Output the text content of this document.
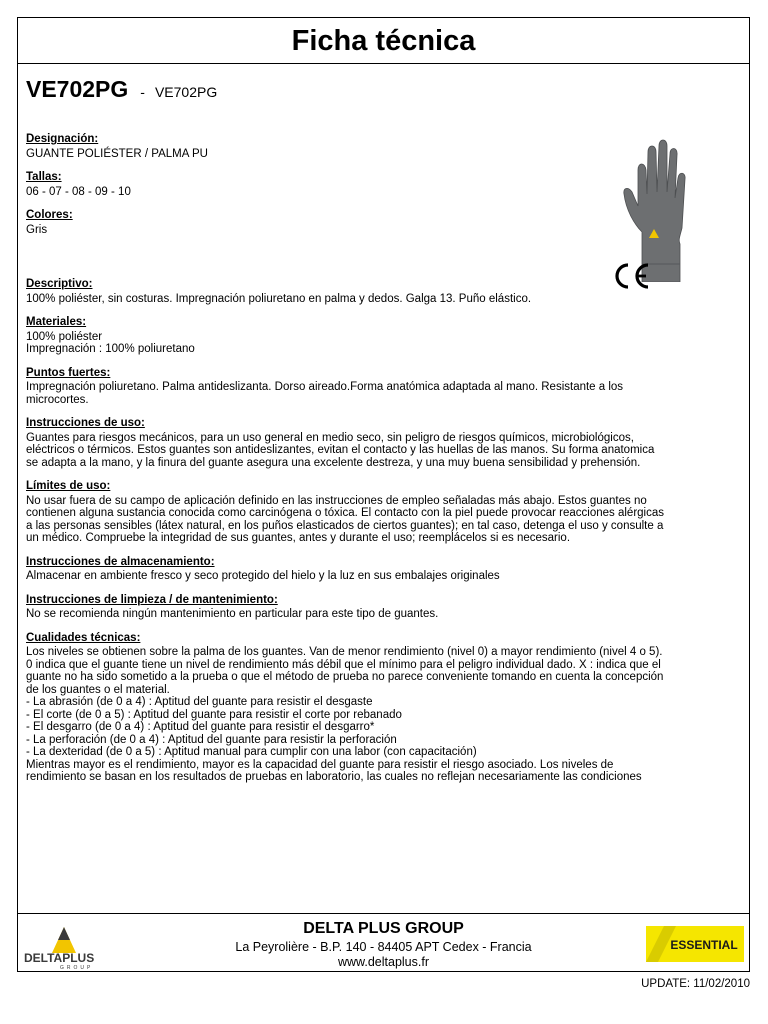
Ficha técnica
VE702PG - VE702PG
Designación:

GUANTE POLIÉSTER / PALMA PU

Tallas:

06 - 07 - 08 - 09 - 10

Colores:

Gris

Descriptivo:

100% poliéster, sin costuras. Impregnación poliuretano en palma y dedos. Galga 13. Puño elástico.

Materiales:

100% poliéster
Impregnación : 100% poliuretano

Puntos fuertes:

Impregnación poliuretano. Palma antideslizanta. Dorso aireado.Forma anatómica adaptada al mano. Resistante a los
microcortes.

Instrucciones de uso:

Guantes para riesgos mecánicos, para un uso general en medio seco, sin peligro de riesgos químicos, microbiológicos,
eléctricos o térmicos. Estos guantes son antideslizantes, evitan el contacto y las huellas de las manos. Su forma anatomica
se adapta a la mano, y la finura del guante asegura una excelente destreza, y una muy buena sensibilidad y prehensión.

Límites de uso:

No usar fuera de su campo de aplicación definido en las instrucciones de empleo señaladas más abajo. Estos guantes no
contienen alguna sustancia conocida como carcinógena o tóxica. El contacto con la piel puede provocar reacciones alérgicas
a las personas sensibles (látex natural, en los puños elasticados de ciertos guantes); en tal caso, detenga el uso y consulte a
un médico. Compruebe la integridad de sus guantes, antes y durante el uso; reemplácelos si es necesario.

Instrucciones de almacenamiento:

Almacenar en ambiente fresco y seco protegido del hielo y la luz en sus embalajes originales

Instrucciones de limpieza / de mantenimiento:

No se recomienda ningún mantenimiento en particular para este tipo de guantes.

Cualidades técnicas:

Los niveles se obtienen sobre la palma de los guantes. Van de menor rendimiento (nivel 0) a mayor rendimiento (nivel 4 o 5).
0 indica que el guante tiene un nivel de rendimiento más débil que el mínimo para el peligro individual dado. X : indica que el
guante no ha sido sometido a la prueba o que el método de prueba no parece conveniente tomando en cuenta la concepción
de los guantes o el material.
- La abrasión (de 0 a 4) : Aptitud del guante para resistir el desgaste
- El corte (de 0 a 5) : Aptitud del guante para resistir el corte por rebanado
- El desgarro (de 0 a 4) : Aptitud del guante para resistir el desgarro*
- La perforación (de 0 a 4) : Aptitud del guante para resistir la perforación
- La dexteridad (de 0 a 5) : Aptitud manual para cumplir con una labor (con capacitación)
Mientras mayor es el rendimiento, mayor es la capacidad del guante para resistir el riesgo asociado. Los niveles de
rendimiento se basan en los resultados de pruebas en laboratorio, las cuales no reflejan necesariamente las condiciones

DELTAPLUS
GROUP
DELTA PLUS GROUP
La Peyrolière - B.P. 140 - 84405 APT Cedex - Francia
www.deltaplus.fr
ESSENTIAL
UPDATE: 11/02/2010
